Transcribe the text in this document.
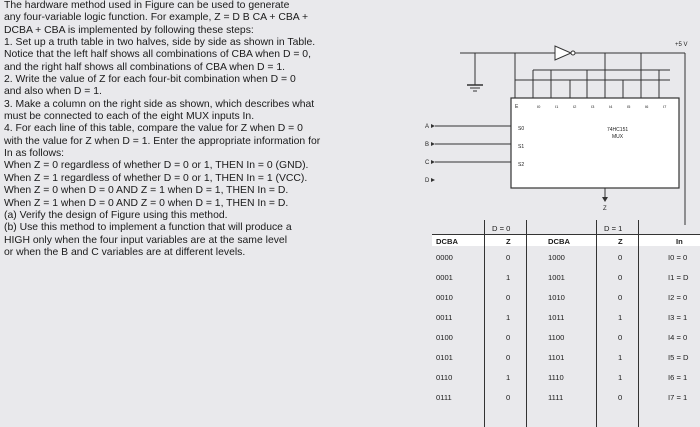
The hardware method used in Figure can be used to generate

any four-variable logic function. For example, Z = D B CA + CBA +

DCBA + CBA is implemented by following these steps:

1. Set up a truth table in two halves, side by side as shown in Table.

Notice that the left half shows all combinations of CBA when D = 0,

and the right half shows all combinations of CBA when D = 1.

2. Write the value of Z for each four-bit combination when D = 0

and also when D = 1.

3. Make a column on the right side as shown, which describes what

must be connected to each of the eight MUX inputs In.

4. For each line of this table, compare the value for Z when D = 0

with the value for Z when D = 1. Enter the appropriate information for

In as follows:

When Z = 0 regardless of whether D = 0 or 1, THEN In = 0 (GND).

When Z = 1 regardless of whether D = 0 or 1, THEN In = 1 (VCC).

When Z = 0 when D = 0 AND Z = 1 when D = 1, THEN In = D.

When Z = 1 when D = 0 AND Z = 0 when D = 1, THEN In = D.

(a) Verify the design of Figure using this method.

(b) Use this method to implement a function that will produce a

HIGH only when the four input variables are at the same level

or when the B and C variables are at different levels.

+5 V
E	I0	I1	I2	I3	I4	I5	I6	I7
74HC151
MUX
S0
S1
S2
A
B
C
D
Z
D = 0	D = 1
DCBA	Z	DCBA	Z	In
0000	0	1000	0	I0 = 0
0001	1	1001	0	I1 = D
0010	0	1010	0	I2 = 0
0011	1	1011	1	I3 = 1
0100	0	1100	0	I4 = 0
0101	0	1101	1	I5 = D
0110	1	1110	1	I6 = 1
0111	0	1111	0	I7 = 1
